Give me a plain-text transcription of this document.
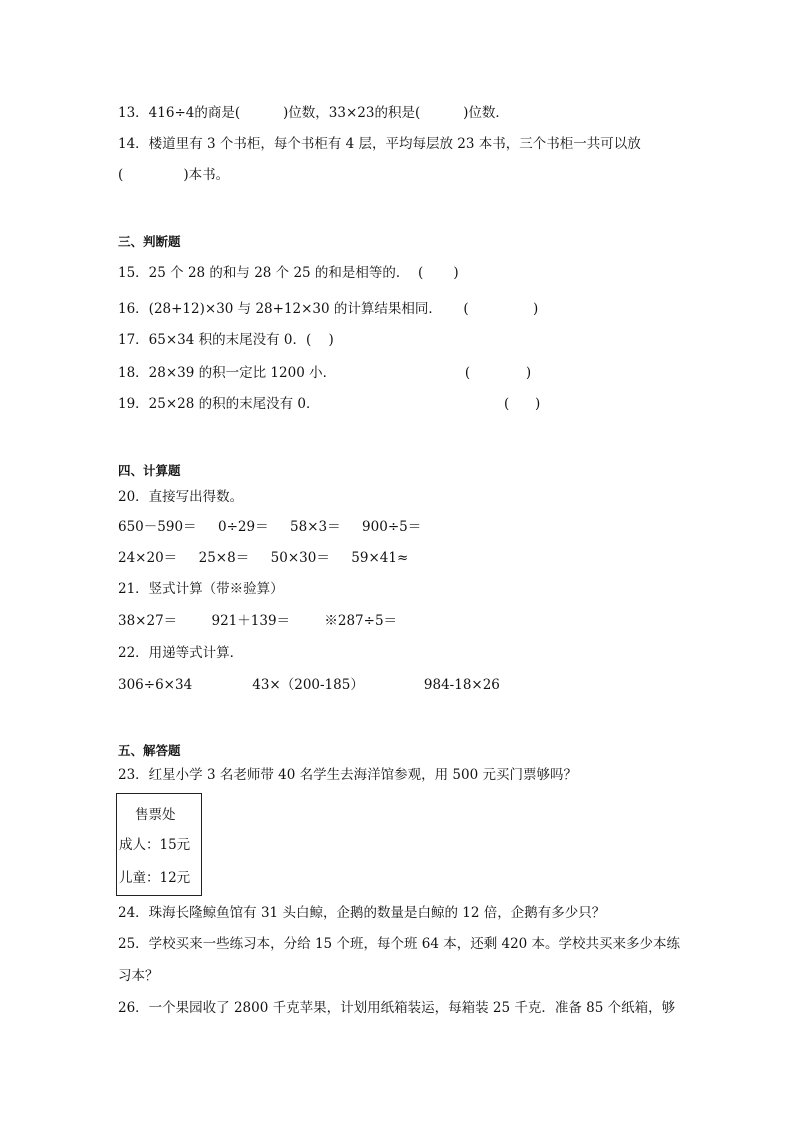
13．416÷4的商是(          )位数，33×23的积是(          )位数．
14．楼道里有 3 个书柜，每个书柜有 4 层，平均每层放 23 本书，三个书柜一共可以放
(              )本书。
三、判断题
15．25 个 28 的和与 28 个 25 的和是相等的．  (       )
16．(28+12)×30 与 28+12×30 的计算结果相同．     (               )
17．65×34 积的末尾没有 0．(    )
18．28×39 的积一定比 1200 小．                              (             )
19．25×28 的积的末尾没有 0．                                           (      )
四、计算题
20．直接写出得数。
650－590＝     0÷29＝     58×3＝     900÷5＝
24×20＝     25×8＝     50×30＝     59×41≈
21．竖式计算（带※验算）
38×27＝        921＋139＝        ※287÷5＝
22．用递等式计算．
306÷6×34              43×（200-185）              984-18×26
五、解答题
23．红星小学 3 名老师带 40 名学生去海洋馆参观，用 500 元买门票够吗？
售票处
成人：15元
儿童：12元
24．珠海长隆鲸鱼馆有 31 头白鲸，企鹅的数量是白鲸的 12 倍，企鹅有多少只？
25．学校买来一些练习本，分给 15 个班，每个班 64 本，还剩 420 本。学校共买来多少本练
习本？
26．一个果园收了 2800 千克苹果，计划用纸箱装运，每箱装 25 千克．准备 85 个纸箱，够
